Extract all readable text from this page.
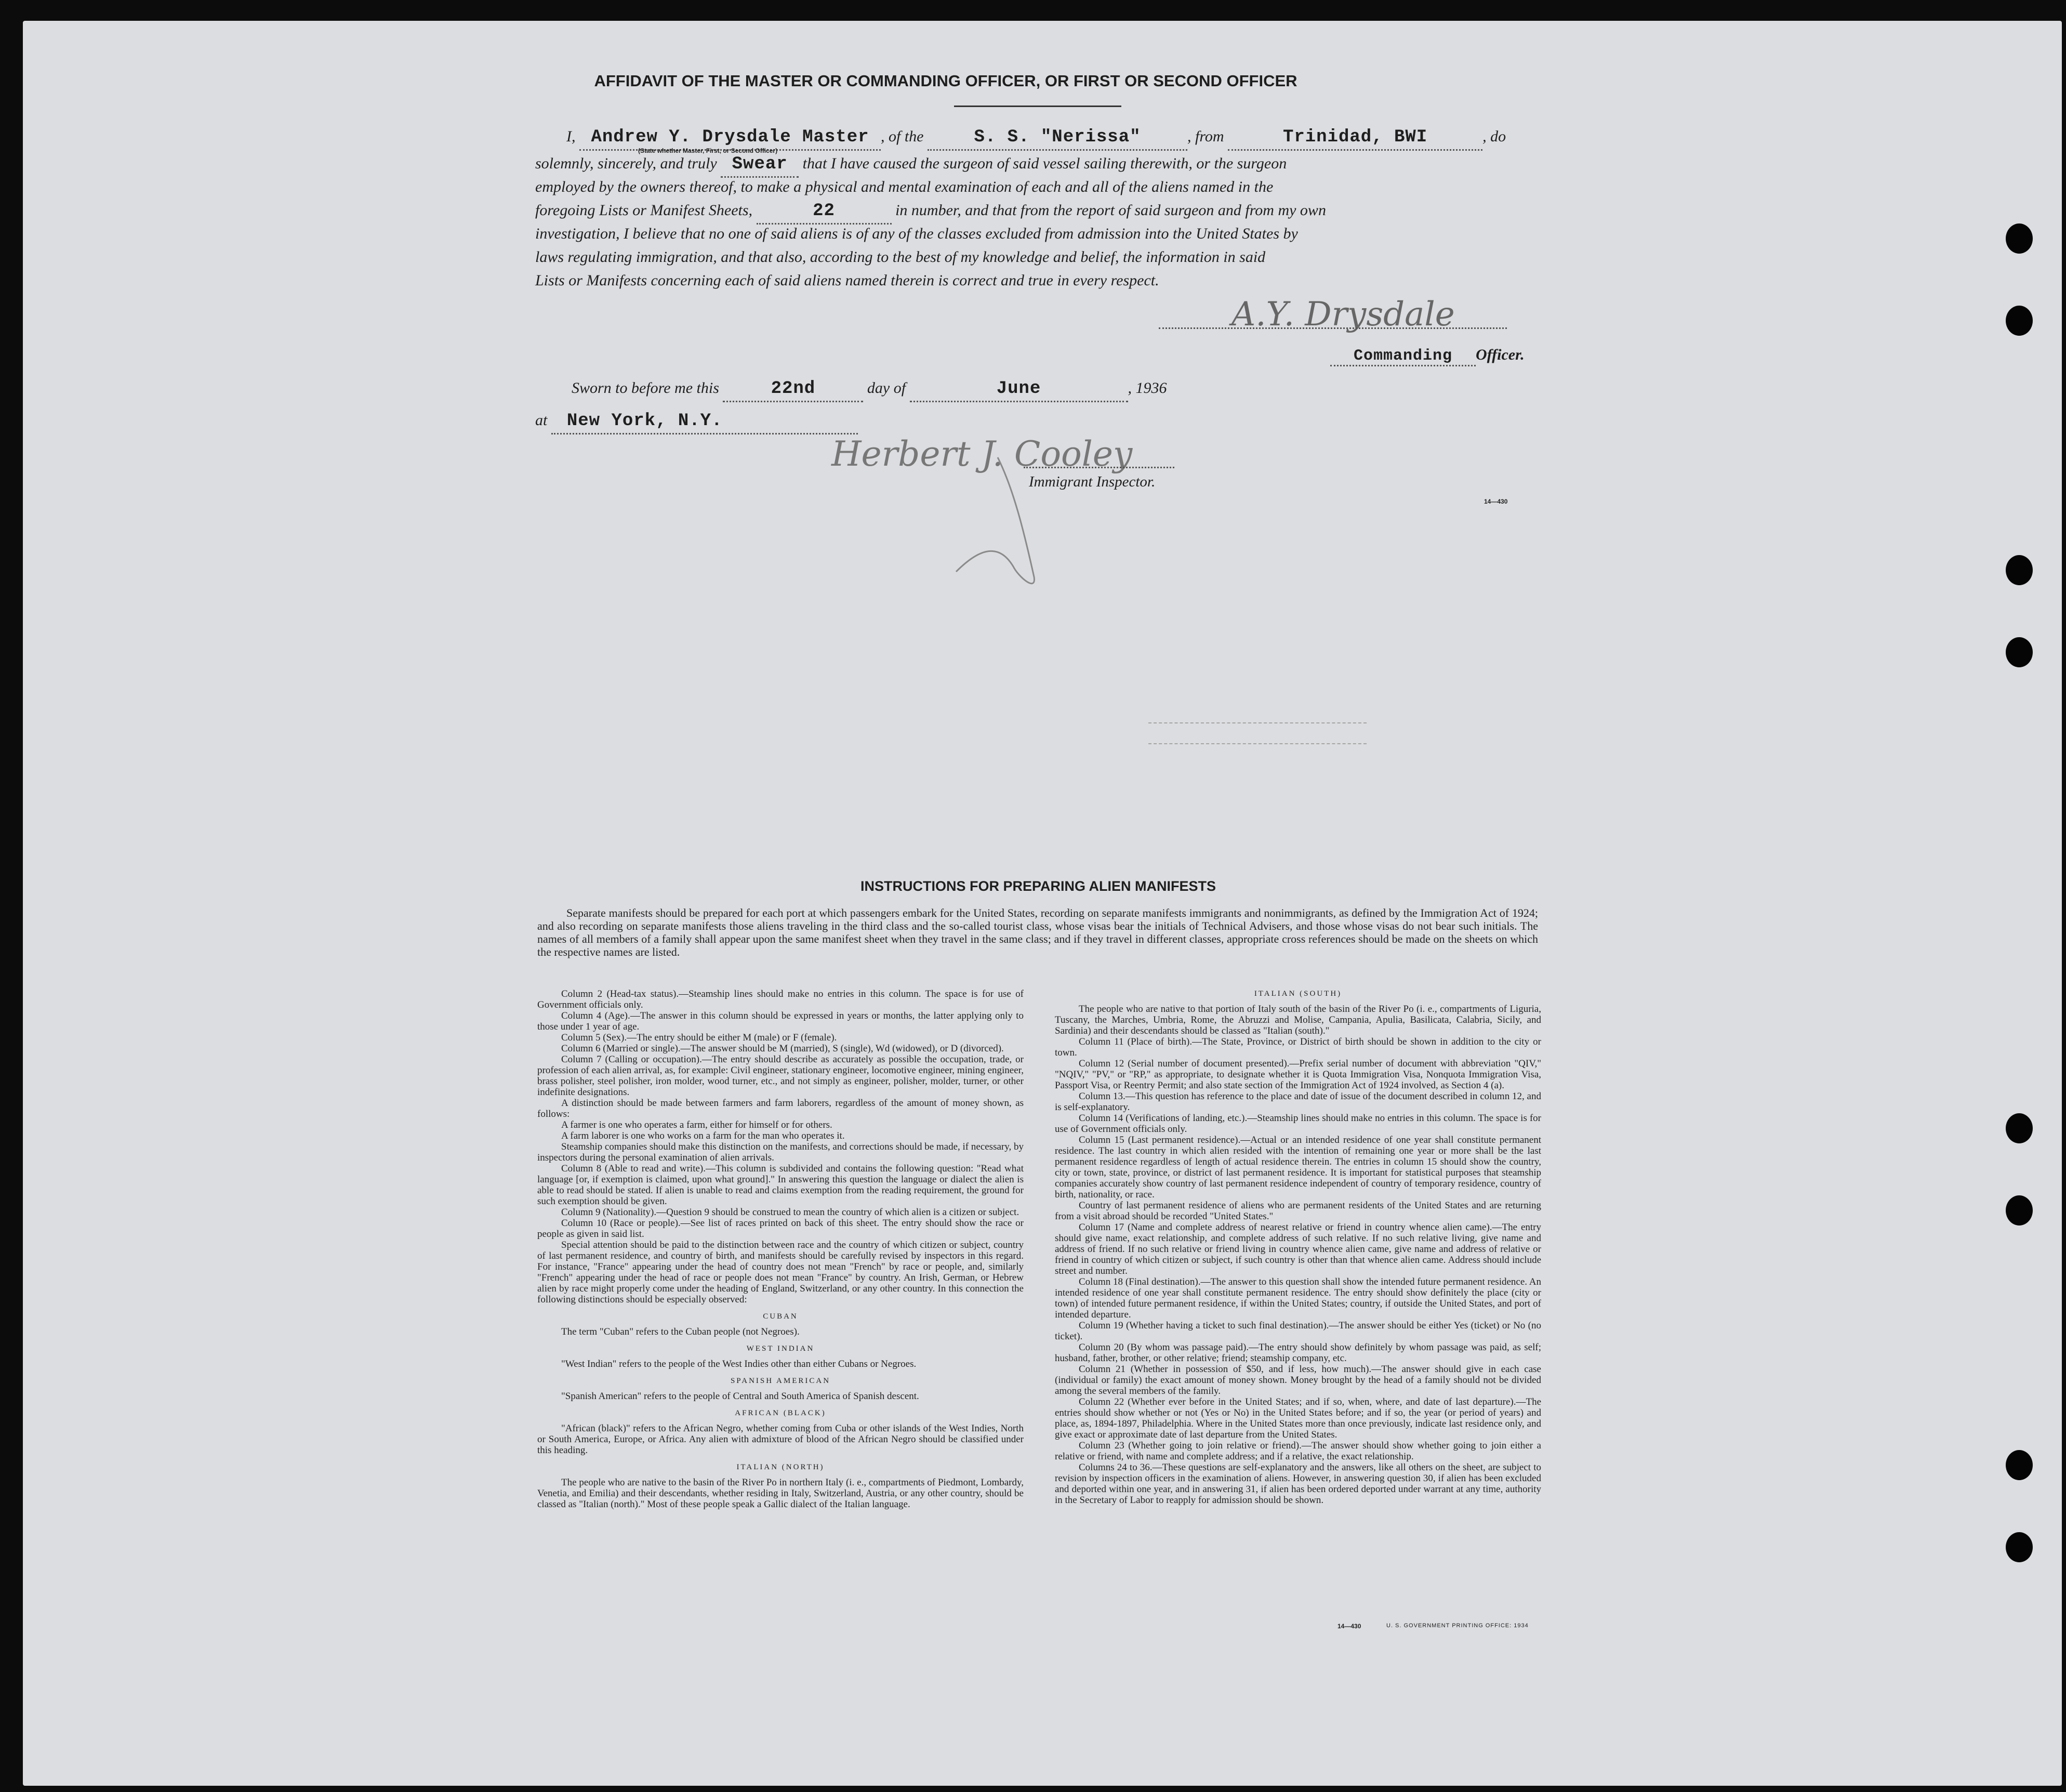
AFFIDAVIT OF THE MASTER OR COMMANDING OFFICER, OR FIRST OR SECOND OFFICER
I, Andrew Y. Drysdale Master , of the	S. S. "Nerissa"	, from	Trinidad, BWI	, do
(State whether Master, First, or Second Officer)
solemnly, sincerely, and truly Swear that I have caused the surgeon of said vessel sailing therewith, or the surgeon
employed by the owners thereof, to make a physical and mental examination of each and all of the aliens named in the
foregoing Lists or Manifest Sheets,	22	in number, and that from the report of said surgeon and from my own
investigation, I believe that no one of said aliens is of any of the classes excluded from admission into the United States by
laws regulating immigration, and that also, according to the best of my knowledge and belief, the information in said
Lists or Manifests concerning each of said aliens named therein is correct and true in every respect.
A.Y. Drysdale
Commanding Officer.
Sworn to before me this	22nd	day of	June	, 1936
at New York, N.Y.
Herbert J. Cooley
Immigrant Inspector.
14—430
INSTRUCTIONS FOR PREPARING ALIEN MANIFESTS
Separate manifests should be prepared for each port at which passengers embark for the United States, recording on separate manifests immigrants and nonimmigrants, as defined by the Immigration Act of 1924; and also recording on separate manifests those aliens traveling in the third class and the so-called tourist class, whose visas bear the initials of Technical Advisers, and those whose visas do not bear such initials. The names of all members of a family shall appear upon the same manifest sheet when they travel in the same class; and if they travel in different classes, appropriate cross references should be made on the sheets on which the respective names are listed.

Column 2 (Head-tax status).—Steamship lines should make no entries in this column. The space is for use of Government officials only.

Column 4 (Age).—The answer in this column should be expressed in years or months, the latter applying only to those under 1 year of age.

Column 5 (Sex).—The entry should be either M (male) or F (female).

Column 6 (Married or single).—The answer should be M (married), S (single), Wd (widowed), or D (divorced).

Column 7 (Calling or occupation).—The entry should describe as accurately as possible the occupation, trade, or profession of each alien arrival, as, for example: Civil engineer, stationary engineer, locomotive engineer, mining engineer, brass polisher, steel polisher, iron molder, wood turner, etc., and not simply as engineer, polisher, molder, turner, or other indefinite designations.

A distinction should be made between farmers and farm laborers, regardless of the amount of money shown, as follows:

A farmer is one who operates a farm, either for himself or for others.

A farm laborer is one who works on a farm for the man who operates it.

Steamship companies should make this distinction on the manifests, and corrections should be made, if necessary, by inspectors during the personal examination of alien arrivals.

Column 8 (Able to read and write).—This column is subdivided and contains the following question: "Read what language [or, if exemption is claimed, upon what ground]." In answering this question the language or dialect the alien is able to read should be stated. If alien is unable to read and claims exemption from the reading requirement, the ground for such exemption should be given.

Column 9 (Nationality).—Question 9 should be construed to mean the country of which alien is a citizen or subject.

Column 10 (Race or people).—See list of races printed on back of this sheet. The entry should show the race or people as given in said list.

Special attention should be paid to the distinction between race and the country of which citizen or subject, country of last permanent residence, and country of birth, and manifests should be carefully revised by inspectors in this regard. For instance, "France" appearing under the head of country does not mean "French" by race or people, and, similarly "French" appearing under the head of race or people does not mean "France" by country. An Irish, German, or Hebrew alien by race might properly come under the heading of England, Switzerland, or any other country. In this connection the following distinctions should be especially observed:

CUBAN

The term "Cuban" refers to the Cuban people (not Negroes).

WEST INDIAN

"West Indian" refers to the people of the West Indies other than either Cubans or Negroes.

SPANISH AMERICAN

"Spanish American" refers to the people of Central and South America of Spanish descent.

AFRICAN (BLACK)

"African (black)" refers to the African Negro, whether coming from Cuba or other islands of the West Indies, North or South America, Europe, or Africa. Any alien with admixture of blood of the African Negro should be classified under this heading.

ITALIAN (NORTH)

The people who are native to the basin of the River Po in northern Italy (i. e., compartments of Piedmont, Lombardy, Venetia, and Emilia) and their descendants, whether residing in Italy, Switzerland, Austria, or any other country, should be classed as "Italian (north)." Most of these people speak a Gallic dialect of the Italian language.

ITALIAN (SOUTH)

The people who are native to that portion of Italy south of the basin of the River Po (i. e., compartments of Liguria, Tuscany, the Marches, Umbria, Rome, the Abruzzi and Molise, Campania, Apulia, Basilicata, Calabria, Sicily, and Sardinia) and their descendants should be classed as "Italian (south)."

Column 11 (Place of birth).—The State, Province, or District of birth should be shown in addition to the city or town.

Column 12 (Serial number of document presented).—Prefix serial number of document with abbreviation "QIV," "NQIV," "PV," or "RP," as appropriate, to designate whether it is Quota Immigration Visa, Nonquota Immigration Visa, Passport Visa, or Reentry Permit; and also state section of the Immigration Act of 1924 involved, as Section 4 (a).

Column 13.—This question has reference to the place and date of issue of the document described in column 12, and is self-explanatory.

Column 14 (Verifications of landing, etc.).—Steamship lines should make no entries in this column. The space is for use of Government officials only.

Column 15 (Last permanent residence).—Actual or an intended residence of one year shall constitute permanent residence. The last country in which alien resided with the intention of remaining one year or more shall be the last permanent residence regardless of length of actual residence therein. The entries in column 15 should show the country, city or town, state, province, or district of last permanent residence. It is important for statistical purposes that steamship companies accurately show country of last permanent residence independent of country of temporary residence, country of birth, nationality, or race.

Country of last permanent residence of aliens who are permanent residents of the United States and are returning from a visit abroad should be recorded "United States."

Column 17 (Name and complete address of nearest relative or friend in country whence alien came).—The entry should give name, exact relationship, and complete address of such relative. If no such relative living, give name and address of friend. If no such relative or friend living in country whence alien came, give name and address of relative or friend in country of which citizen or subject, if such country is other than that whence alien came. Address should include street and number.

Column 18 (Final destination).—The answer to this question shall show the intended future permanent residence. An intended residence of one year shall constitute permanent residence. The entry should show definitely the place (city or town) of intended future permanent residence, if within the United States; country, if outside the United States, and port of intended departure.

Column 19 (Whether having a ticket to such final destination).—The answer should be either Yes (ticket) or No (no ticket).

Column 20 (By whom was passage paid).—The entry should show definitely by whom passage was paid, as self; husband, father, brother, or other relative; friend; steamship company, etc.

Column 21 (Whether in possession of $50, and if less, how much).—The answer should give in each case (individual or family) the exact amount of money shown. Money brought by the head of a family should not be divided among the several members of the family.

Column 22 (Whether ever before in the United States; and if so, when, where, and date of last departure).—The entries should show whether or not (Yes or No) in the United States before; and if so, the year (or period of years) and place, as, 1894-1897, Philadelphia. Where in the United States more than once previously, indicate last residence only, and give exact or approximate date of last departure from the United States.

Column 23 (Whether going to join relative or friend).—The answer should show whether going to join either a relative or friend, with name and complete address; and if a relative, the exact relationship.

Columns 24 to 36.—These questions are self-explanatory and the answers, like all others on the sheet, are subject to revision by inspection officers in the examination of aliens. However, in answering question 30, if alien has been excluded and deported within one year, and in answering 31, if alien has been ordered deported under warrant at any time, authority in the Secretary of Labor to reapply for admission should be shown.

14—430	U. S. GOVERNMENT PRINTING OFFICE: 1934
